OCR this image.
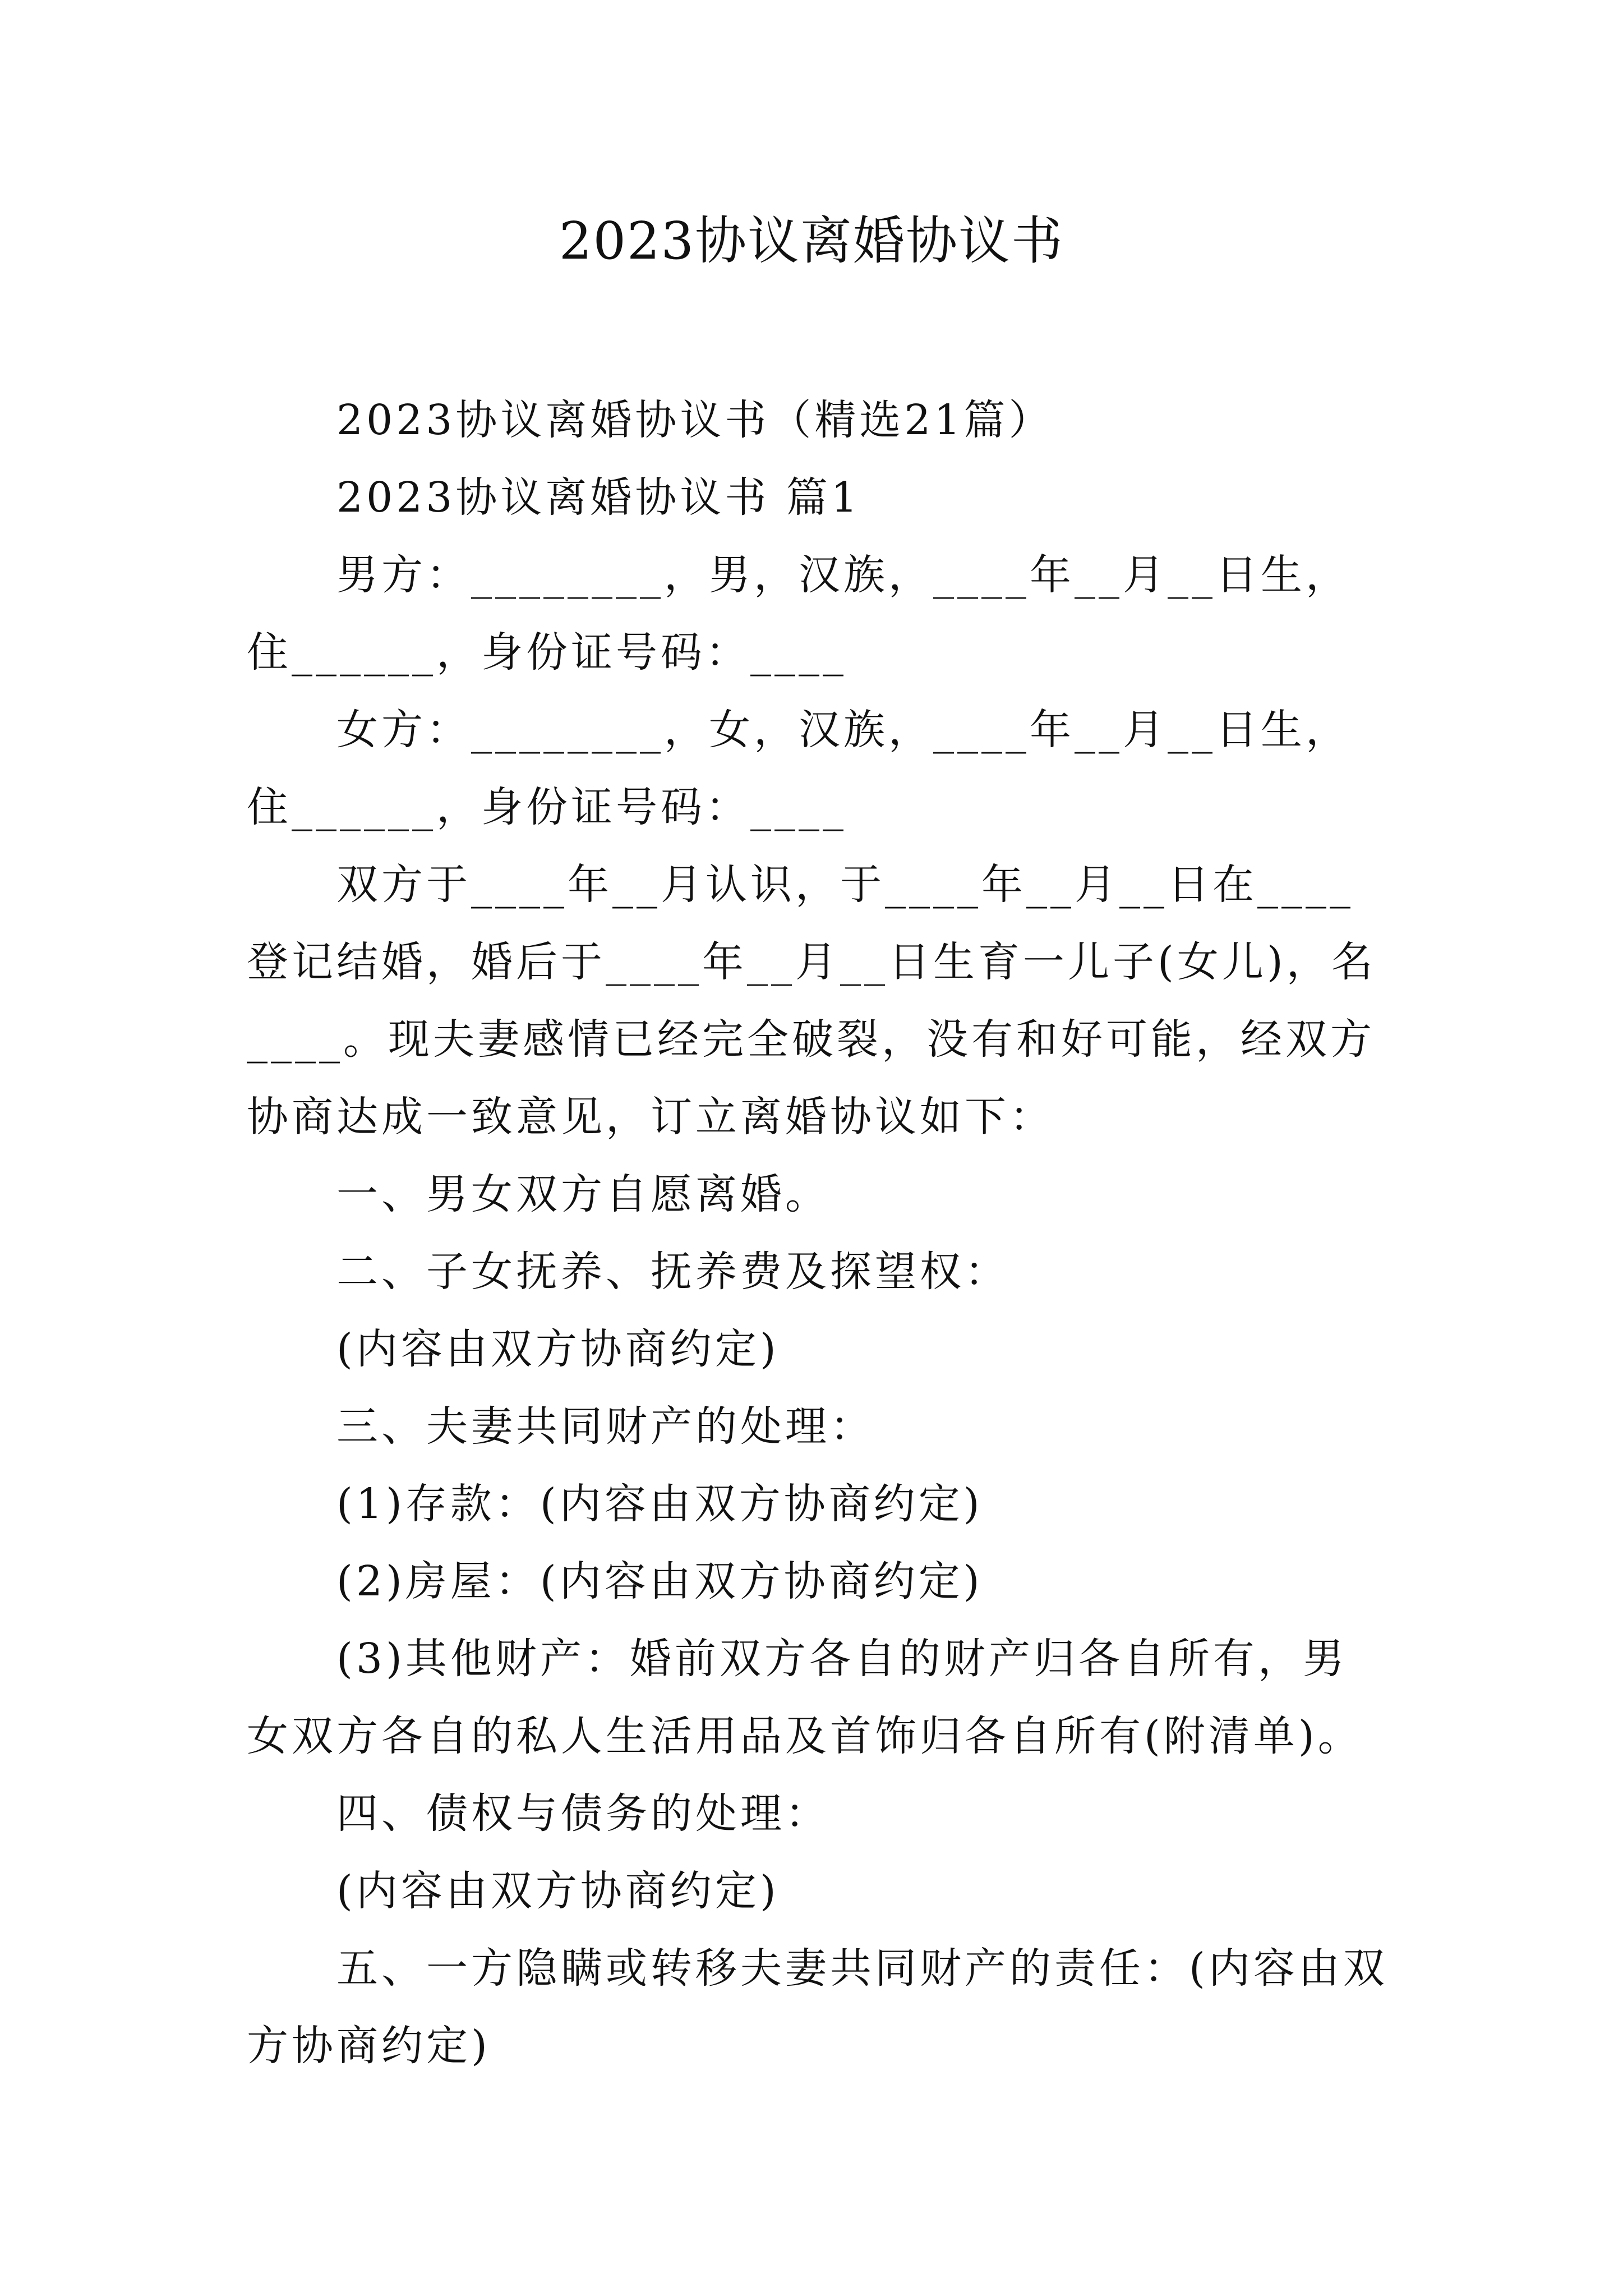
2023协议离婚协议书

2023协议离婚协议书（精选21篇）

2023协议离婚协议书 篇1

男方：________，男，汉族，____年__月__日生，住______，身份证号码：____

女方：________，女，汉族，____年__月__日生，住______，身份证号码：____

双方于____年__月认识，于____年__月__日在____登记结婚，婚后于____年__月__日生育一儿子(女儿)，名____。现夫妻感情已经完全破裂，没有和好可能，经双方协商达成一致意见，订立离婚协议如下：

一、男女双方自愿离婚。

二、子女抚养、抚养费及探望权：

(内容由双方协商约定)

三、夫妻共同财产的处理：

(1)存款：(内容由双方协商约定)

(2)房屋：(内容由双方协商约定)

(3)其他财产：婚前双方各自的财产归各自所有，男女双方各自的私人生活用品及首饰归各自所有(附清单)。

四、债权与债务的处理：

(内容由双方协商约定)

五、一方隐瞒或转移夫妻共同财产的责任：(内容由双方协商约定)
